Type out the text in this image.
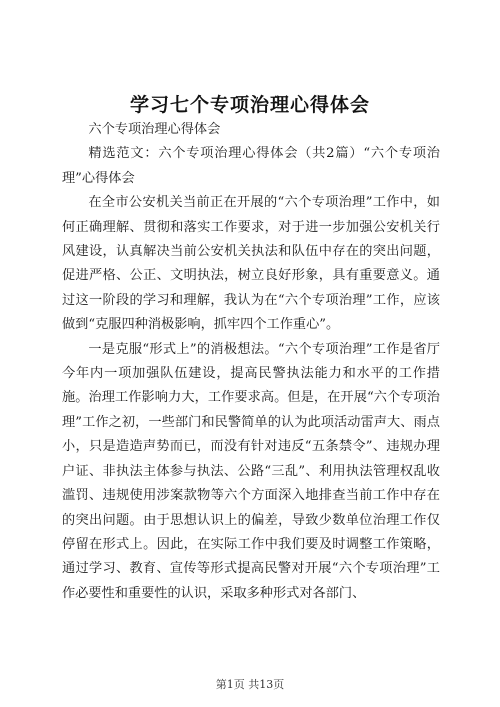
学习七个专项治理心得体会

六个专项治理心得体会

精选范文：六个专项治理心得体会（共2篇）“六个专项治理”心得体会

在全市公安机关当前正在开展的“六个专项治理”工作中，如何正确理解、贯彻和落实工作要求，对于进一步加强公安机关行风建设，认真解决当前公安机关执法和队伍中存在的突出问题，促进严格、公正、文明执法，树立良好形象，具有重要意义。通过这一阶段的学习和理解，我认为在“六个专项治理”工作，应该做到“克服四种消极影响，抓牢四个工作重心”。

一是克服“形式上”的消极想法。“六个专项治理”工作是省厅今年内一项加强队伍建设，提高民警执法能力和水平的工作措施。治理工作影响力大，工作要求高。但是，在开展“六个专项治理”工作之初，一些部门和民警简单的认为此项活动雷声大、雨点小，只是造造声势而已，而没有针对违反“五条禁令”、违规办理户证、非执法主体参与执法、公路“三乱”、利用执法管理权乱收滥罚、违规使用涉案款物等六个方面深入地排查当前工作中存在的突出问题。由于思想认识上的偏差，导致少数单位治理工作仅停留在形式上。因此，在实际工作中我们要及时调整工作策略，通过学习、教育、宣传等形式提高民警对开展“六个专项治理”工作必要性和重要性的认识，采取多种形式对各部门、

第1页 共13页
